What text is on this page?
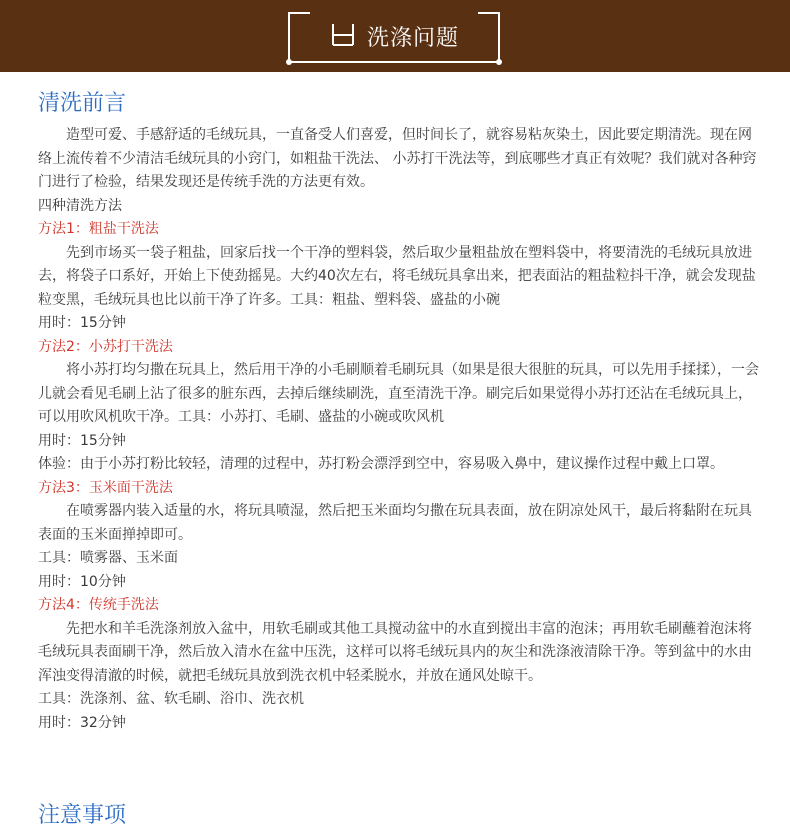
洗涤问题
清洗前言

造型可爱、手感舒适的毛绒玩具，一直备受人们喜爱，但时间长了，就容易粘灰染土，因此要定期清洗。现在网络上流传着不少清洁毛绒玩具的小窍门，如粗盐干洗法、 小苏打干洗法等，到底哪些才真正有效呢？我们就对各种窍门进行了检验，结果发现还是传统手洗的方法更有效。

四种清洗方法

方法1：粗盐干洗法

先到市场买一袋子粗盐，回家后找一个干净的塑料袋，然后取少量粗盐放在塑料袋中，将要清洗的毛绒玩具放进去，将袋子口系好，开始上下使劲摇晃。大约40次左右，将毛绒玩具拿出来，把表面沾的粗盐粒抖干净，就会发现盐粒变黑，毛绒玩具也比以前干净了许多。工具：粗盐、塑料袋、盛盐的小碗

用时：15分钟

方法2：小苏打干洗法

将小苏打均匀撒在玩具上，然后用干净的小毛刷顺着毛刷玩具（如果是很大很脏的玩具，可以先用手揉揉），一会儿就会看见毛刷上沾了很多的脏东西，去掉后继续刷洗，直至清洗干净。刷完后如果觉得小苏打还沾在毛绒玩具上，

可以用吹风机吹干净。工具：小苏打、毛刷、盛盐的小碗或吹风机

用时：15分钟

体验：由于小苏打粉比较轻，清理的过程中，苏打粉会漂浮到空中，容易吸入鼻中，建议操作过程中戴上口罩。

方法3：玉米面干洗法

在喷雾器内装入适量的水，将玩具喷湿，然后把玉米面均匀撒在玩具表面，放在阴凉处风干，最后将黏附在玩具表面的玉米面掸掉即可。

工具：喷雾器、玉米面

用时：10分钟

方法4：传统手洗法

先把水和羊毛洗涤剂放入盆中，用软毛刷或其他工具搅动盆中的水直到搅出丰富的泡沫；再用软毛刷蘸着泡沫将毛绒玩具表面刷干净，然后放入清水在盆中压洗，这样可以将毛绒玩具内的灰尘和洗涤液清除干净。等到盆中的水由浑浊变得清澈的时候，就把毛绒玩具放到洗衣机中轻柔脱水，并放在通风处晾干。

工具：洗涤剂、盆、软毛刷、浴巾、洗衣机

用时：32分钟

注意事项
